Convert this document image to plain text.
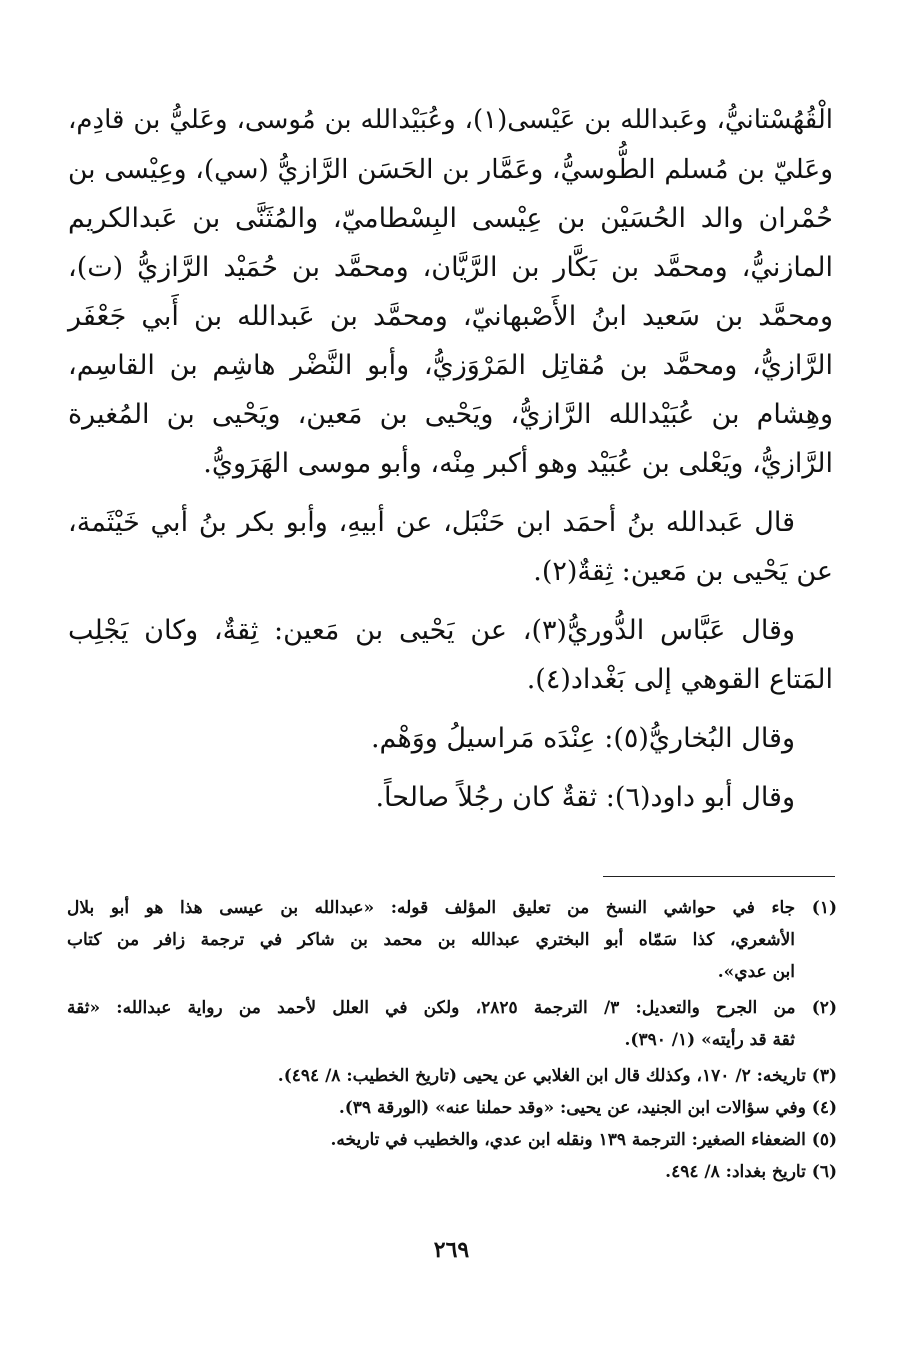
الْقُهُسْتانيُّ، وعَبدالله بن عَيْسى(١)، وعُبَيْدالله بن مُوسى، وعَليُّ بن قادِم،
وعَليّ بن مُسلم الطُّوسيُّ، وعَمَّار بن الحَسَن الرَّازيُّ (سي)، وعِيْسى بن
حُمْران والد الحُسَيْن بن عِيْسى البِسْطاميّ، والمُثَنَّى بن عَبدالكريم
المازنيُّ، ومحمَّد بن بَكَّار بن الرَّيَّان، ومحمَّد بن حُمَيْد الرَّازيُّ (ت)،
ومحمَّد بن سَعيد ابنُ الأَصْبهانيّ، ومحمَّد بن عَبدالله بن أَبي جَعْفَر
الرَّازيُّ، ومحمَّد بن مُقاتِل المَرْوَزيُّ، وأبو النَّضْر هاشِم بن القاسِم،
وهِشام بن عُبَيْدالله الرَّازيُّ، ويَحْيى بن مَعين، ويَحْيى بن المُغيرة
الرَّازيُّ، ويَعْلى بن عُبَيْد وهو أكبر مِنْه، وأبو موسى الهَرَويُّ.
قال عَبدالله بنُ أحمَد ابن حَنْبَل، عن أبيهِ، وأبو بكر بنُ أبي خَيْثَمة،
عن يَحْيى بن مَعين: ثِقةٌ(٢).
وقال عَبَّاس الدُّوريُّ(٣)، عن يَحْيى بن مَعين: ثِقةٌ، وكان يَجْلِب
المَتاع القوهي إلى بَغْداد(٤).
وقال البُخاريُّ(٥): عِنْدَه مَراسيلُ ووَهْم.
وقال أبو داود(٦): ثقةٌ كان رجُلاً صالحاً.
(١) جاء في حواشي النسخ من تعليق المؤلف قوله: «عبدالله بن عيسى هذا هو أبو بلال
الأشعري، كذا سَمّاه أبو البختري عبدالله بن محمد بن شاكر في ترجمة زافر من كتاب
ابن عدي».
(٢) من الجرح والتعديل: ٣/ الترجمة ٢٨٢٥، ولكن في العلل لأحمد من رواية عبدالله: «ثقة
ثقة قد رأيته» (١/ ٣٩٠).
(٣) تاريخه: ٢/ ١٧٠، وكذلك قال ابن الغلابي عن يحيى (تاريخ الخطيب: ٨/ ٤٩٤).
(٤) وفي سؤالات ابن الجنيد، عن يحيى: «وقد حملنا عنه» (الورقة ٣٩).
(٥) الضعفاء الصغير: الترجمة ١٣٩ ونقله ابن عدي، والخطيب في تاريخه.
(٦) تاريخ بغداد: ٨/ ٤٩٤.
٢٦٩
